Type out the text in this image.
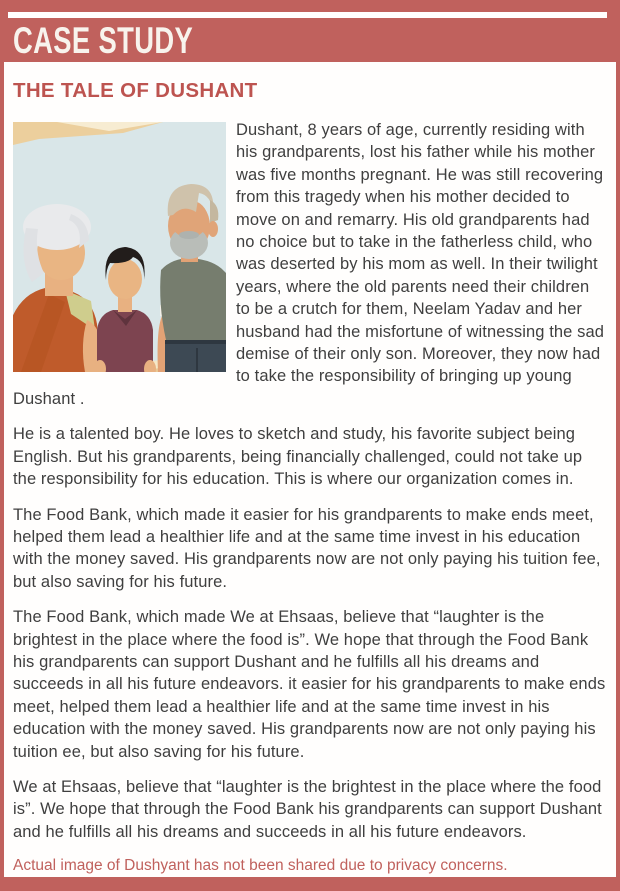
CASE STUDY
THE TALE OF DUSHANT

Dushant, 8 years of age, currently residing with his grandparents, lost his father while his mother was five months pregnant. He was still recovering from this tragedy when his mother decided to move on and remarry. His old grandparents had no choice but to take in the fatherless child, who was deserted by his mom as well. In their twilight years, where the old parents need their children to be a crutch for them, Neelam Yadav and her husband had the misfortune of witnessing the sad demise of their only son. Moreover, they now had to take the responsibility of bringing up young Dushant .

He is a talented boy. He loves to sketch and study, his favorite subject being English. But his grandparents, being financially challenged, could not take up the responsibility for his education. This is where our organization comes in.

The Food Bank, which made it easier for his grandparents to make ends meet, helped them lead a healthier life and at the same time invest in his education with the money saved. His grandparents now are not only paying his tuition fee, but also saving for his future.

The Food Bank, which made We at Ehsaas, believe that “laughter is the brightest in the place where the food is”. We hope that through the Food Bank his grandparents can support Dushant and he fulfills all his dreams and succeeds in all his future endeavors. it easier for his grandparents to make ends meet, helped them lead a healthier life and at the same time invest in his education with the money saved. His grandparents now are not only paying his tuition ee, but also saving for his future.

We at Ehsaas, believe that “laughter is the brightest in the place where the food is”. We hope that through the Food Bank his grandparents can support Dushant and he fulfills all his dreams and succeeds in all his future endeavors.

Actual image of Dushyant has not been shared due to privacy concerns.
